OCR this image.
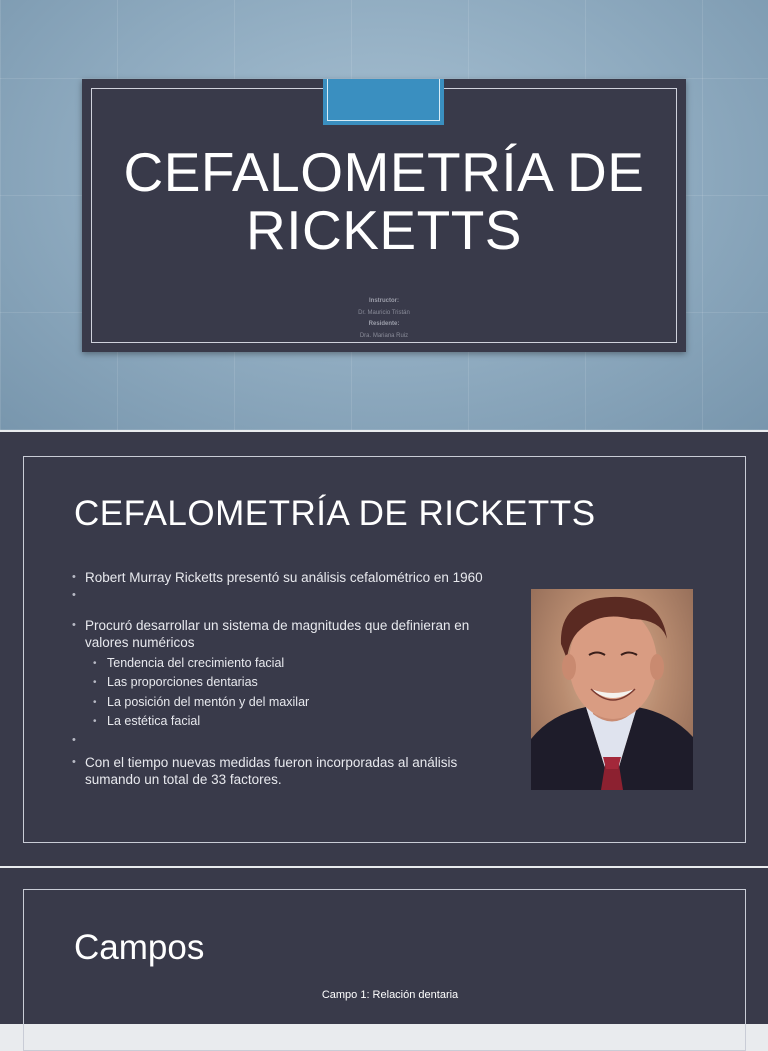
CEFALOMETRÍA DE
RICKETTS
Instructor:
Dr. Mauricio Tristán
Residente:
Dra. Mariana Ruiz
CEFALOMETRÍA DE RICKETTS
• Robert Murray Ricketts presentó su análisis cefalométrico en 1960
•
• Procuró desarrollar un sistema de magnitudes que definieran en valores numéricos
• Tendencia del crecimiento facial
• Las proporciones dentarias
• La posición del mentón y del maxilar
• La estética facial
•
• Con el tiempo nuevas medidas fueron incorporadas al análisis sumando un total de 33 factores.
Campos
Campo 1: Relación dentaria
